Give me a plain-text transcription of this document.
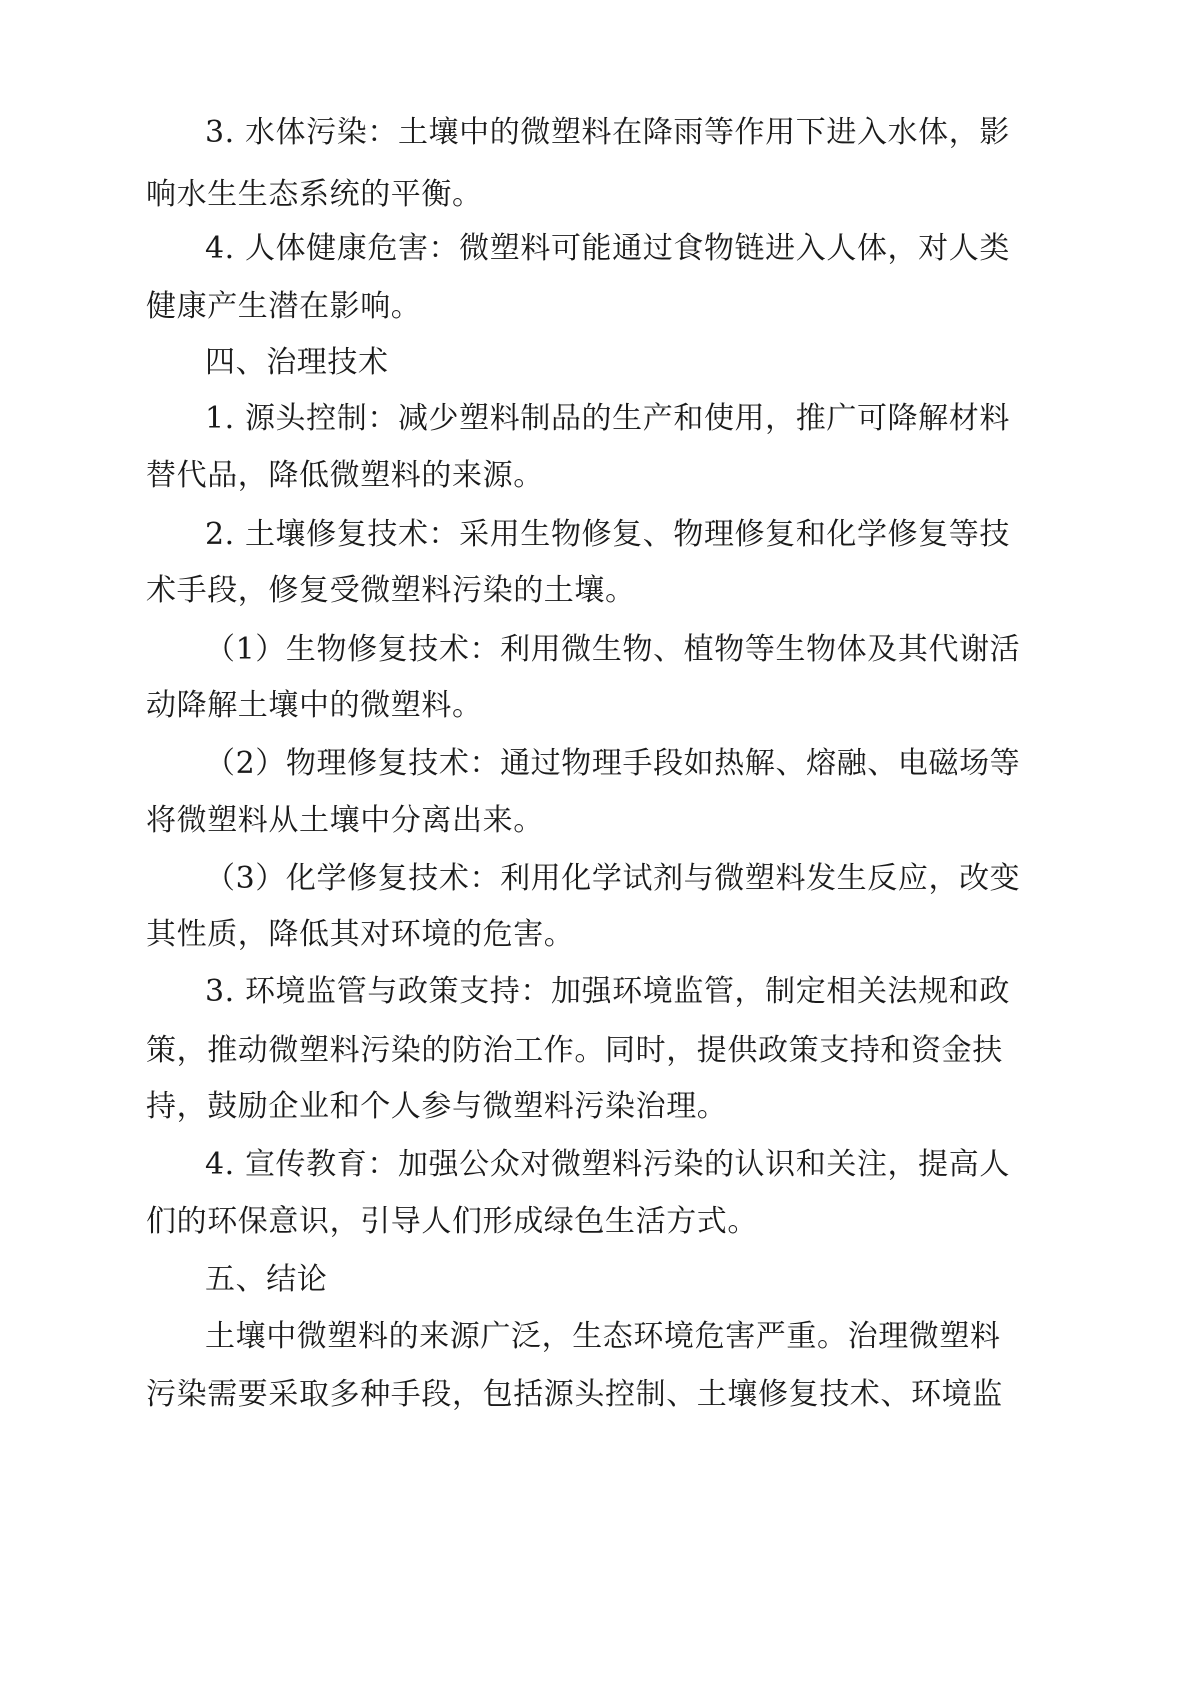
3. 水体污染：土壤中的微塑料在降雨等作用下进入水体，影
响水生生态系统的平衡。
4. 人体健康危害：微塑料可能通过食物链进入人体，对人类
健康产生潜在影响。
四、治理技术
1. 源头控制：减少塑料制品的生产和使用，推广可降解材料
替代品，降低微塑料的来源。
2. 土壤修复技术：采用生物修复、物理修复和化学修复等技
术手段，修复受微塑料污染的土壤。
（1）生物修复技术：利用微生物、植物等生物体及其代谢活
动降解土壤中的微塑料。
（2）物理修复技术：通过物理手段如热解、熔融、电磁场等
将微塑料从土壤中分离出来。
（3）化学修复技术：利用化学试剂与微塑料发生反应，改变
其性质，降低其对环境的危害。
3. 环境监管与政策支持：加强环境监管，制定相关法规和政
策，推动微塑料污染的防治工作。同时，提供政策支持和资金扶
持，鼓励企业和个人参与微塑料污染治理。
4. 宣传教育：加强公众对微塑料污染的认识和关注，提高人
们的环保意识，引导人们形成绿色生活方式。
五、结论
土壤中微塑料的来源广泛，生态环境危害严重。治理微塑料
污染需要采取多种手段，包括源头控制、土壤修复技术、环境监
